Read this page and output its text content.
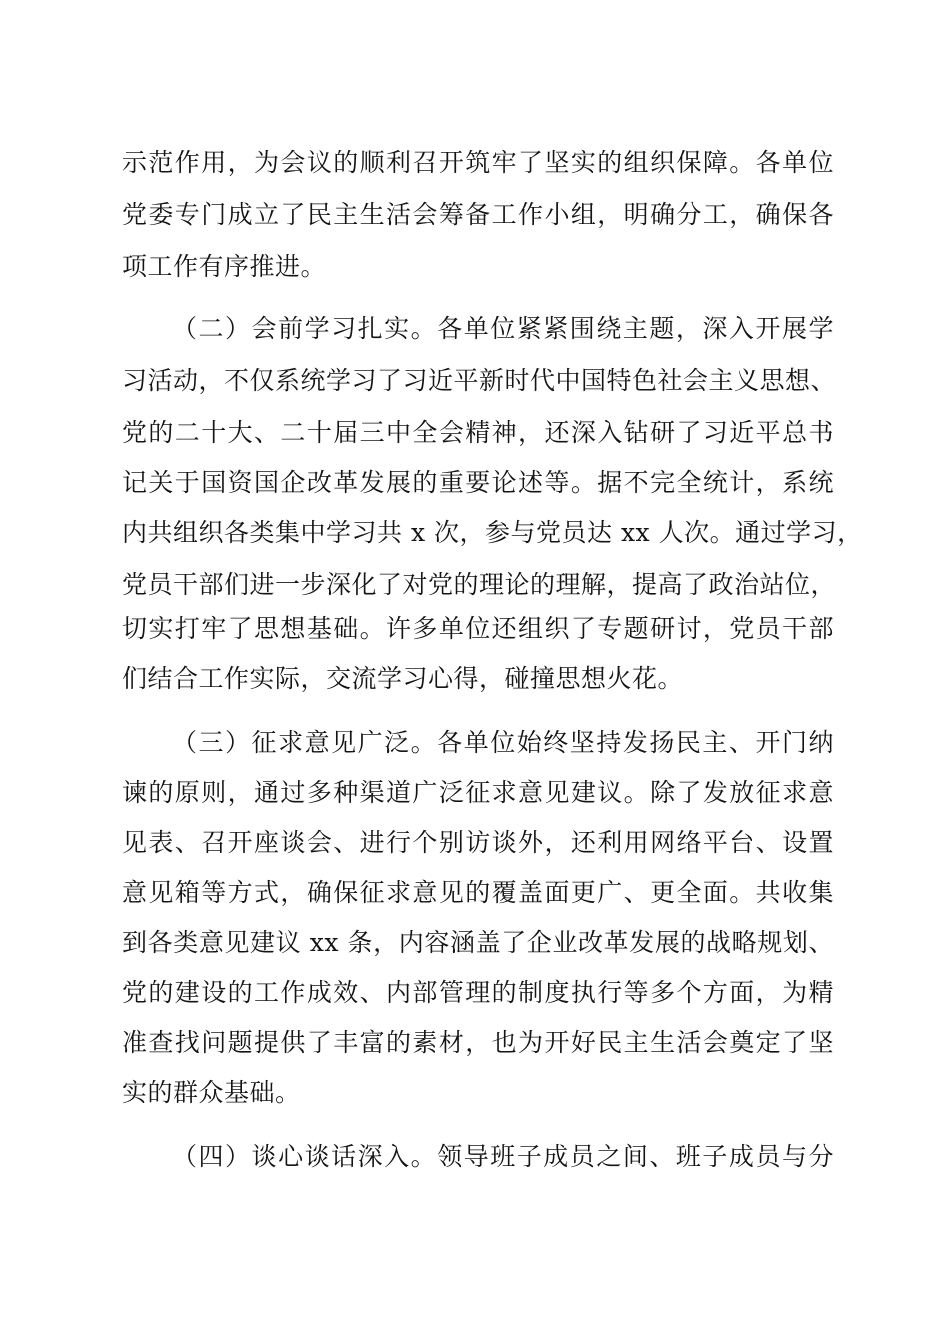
示范作用，为会议的顺利召开筑牢了坚实的组织保障。各单位
党委专门成立了民主生活会筹备工作小组，明确分工，确保各
项工作有序推进。
（二）会前学习扎实。各单位紧紧围绕主题，深入开展学
习活动，不仅系统学习了习近平新时代中国特色社会主义思想、
党的二十大、二十届三中全会精神，还深入钻研了习近平总书
记关于国资国企改革发展的重要论述等。据不完全统计，系统
内共组织各类集中学习共 x 次，参与党员达 xx 人次。通过学习，
党员干部们进一步深化了对党的理论的理解，提高了政治站位，
切实打牢了思想基础。许多单位还组织了专题研讨，党员干部
们结合工作实际，交流学习心得，碰撞思想火花。
（三）征求意见广泛。各单位始终坚持发扬民主、开门纳
谏的原则，通过多种渠道广泛征求意见建议。除了发放征求意
见表、召开座谈会、进行个别访谈外，还利用网络平台、设置
意见箱等方式，确保征求意见的覆盖面更广、更全面。共收集
到各类意见建议 xx 条，内容涵盖了企业改革发展的战略规划、
党的建设的工作成效、内部管理的制度执行等多个方面，为精
准查找问题提供了丰富的素材，也为开好民主生活会奠定了坚
实的群众基础。
（四）谈心谈话深入。领导班子成员之间、班子成员与分
